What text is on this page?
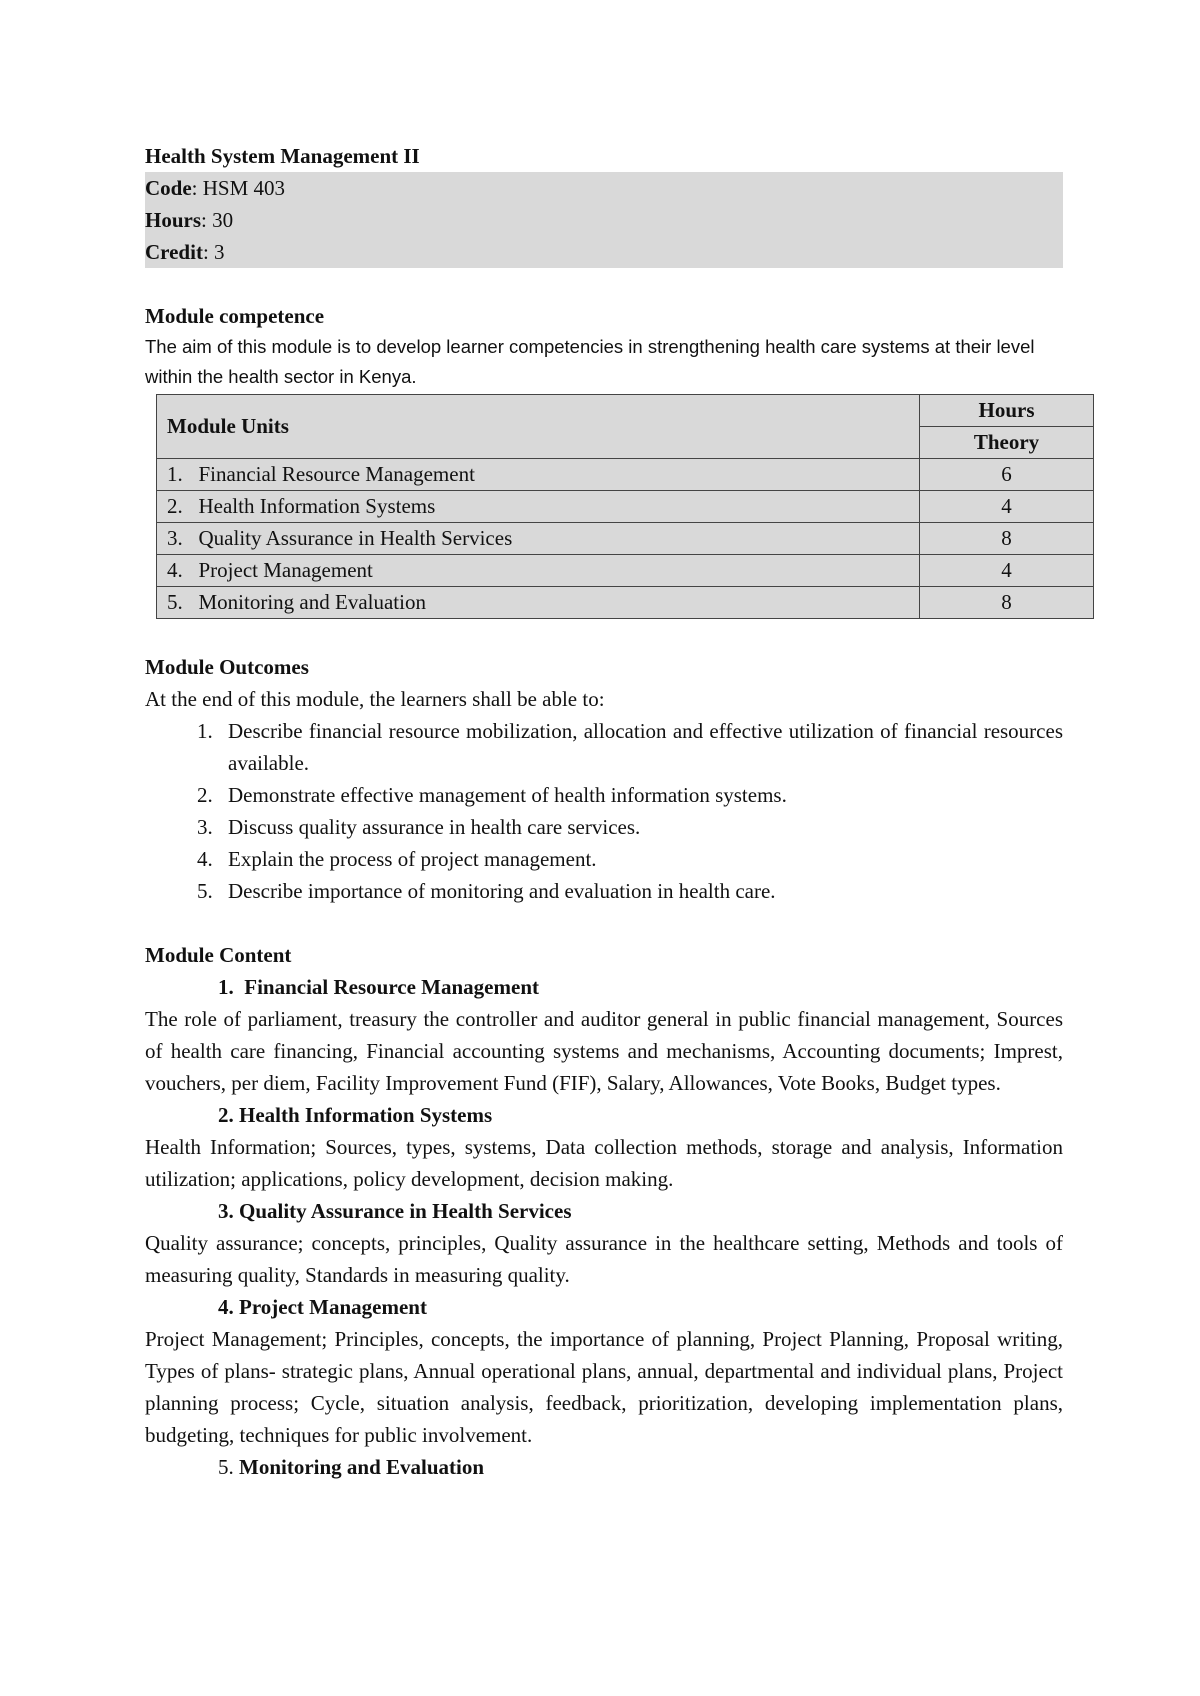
Health System Management II
Code: HSM 403
Hours: 30
Credit: 3
Module competence
The aim of this module is to develop learner competencies in strengthening health care systems at their level within the health sector in Kenya.
Module Units	Hours
	Theory
1.   Financial Resource Management	6
2.   Health Information Systems	4
3.   Quality Assurance in Health Services	8
4.   Project Management	4
5.   Monitoring and Evaluation	8
Module Outcomes
At the end of this module, the learners shall be able to:
1. Describe financial resource mobilization, allocation and effective utilization of financial resources available.
2. Demonstrate effective management of health information systems.
3. Discuss quality assurance in health care services.
4. Explain the process of project management.
5. Describe importance of monitoring and evaluation in health care.
Module Content
1.  Financial Resource Management
The role of parliament, treasury the controller and auditor general in public financial management, Sources of health care financing, Financial accounting systems and mechanisms, Accounting documents; Imprest, vouchers, per diem, Facility Improvement Fund (FIF), Salary, Allowances, Vote Books, Budget types.
2. Health Information Systems
Health Information; Sources, types, systems, Data collection methods, storage and analysis, Information utilization; applications, policy development, decision making.
3. Quality Assurance in Health Services
Quality assurance; concepts, principles, Quality assurance in the healthcare setting, Methods and tools of measuring quality, Standards in measuring quality.
4. Project Management
Project Management; Principles, concepts, the importance of planning, Project Planning, Proposal writing, Types of plans- strategic plans, Annual operational plans, annual, departmental and individual plans, Project planning process; Cycle, situation analysis, feedback, prioritization, developing implementation plans, budgeting, techniques for public involvement.
5. Monitoring and Evaluation
